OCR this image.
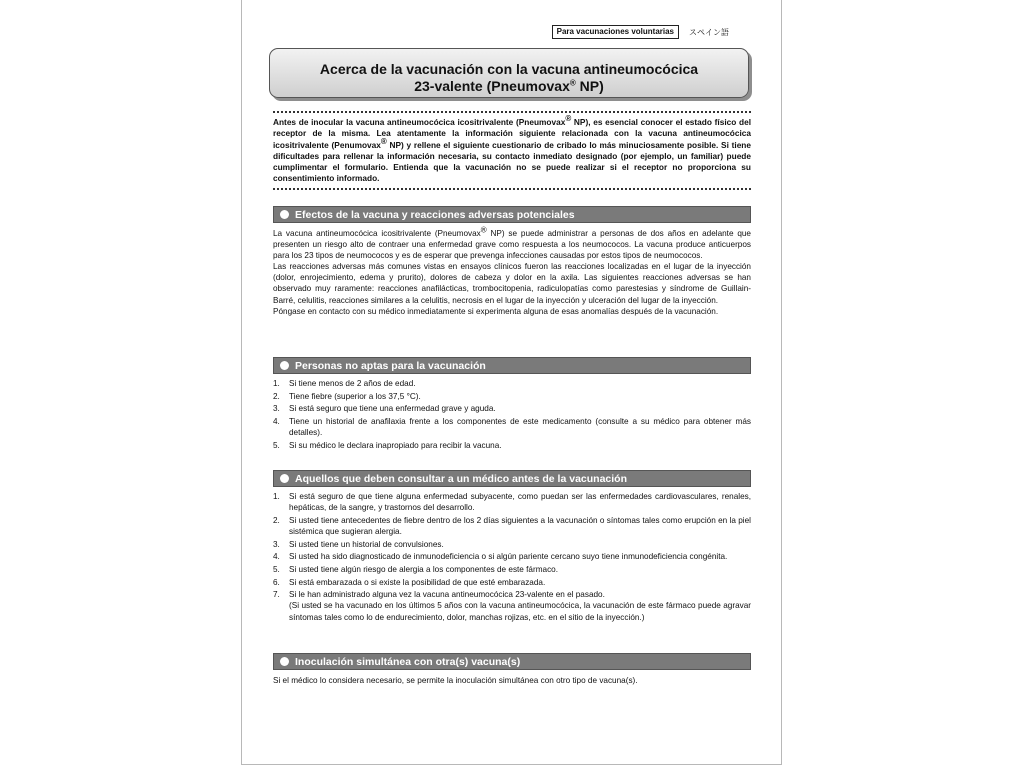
Para vacunaciones voluntarias	スペイン語
Acerca de la vacunación con la vacuna antineumocócica
23-valente (Pneumovax® NP)
Antes de inocular la vacuna antineumocócica icositrivalente (Pneumovax® NP), es esencial conocer el estado físico del receptor de la misma. Lea atentamente la información siguiente relacionada con la vacuna antineumocócica icositrivalente (Penumovax® NP) y rellene el siguiente cuestionario de cribado lo más minuciosamente posible. Si tiene dificultades para rellenar la información necesaria, su contacto inmediato designado (por ejemplo, un familiar) puede cumplimentar el formulario. Entienda que la vacunación no se puede realizar si el receptor no proporciona su consentimiento informado.
Efectos de la vacuna y reacciones adversas potenciales

La vacuna antineumocócica icositrivalente (Pneumovax® NP) se puede administrar a personas de dos años en adelante que presenten un riesgo alto de contraer una enfermedad grave como respuesta a los neumococos. La vacuna produce anticuerpos para los 23 tipos de neumococos y es de esperar que prevenga infecciones causadas por estos tipos de neumococos.

Las reacciones adversas más comunes vistas en ensayos clínicos fueron las reacciones localizadas en el lugar de la inyección (dolor, enrojecimiento, edema y prurito), dolores de cabeza y dolor en la axila. Las siguientes reacciones adversas se han observado muy raramente: reacciones anafilácticas, trombocitopenia, radiculopatías como parestesias y síndrome de Guillain-Barré, celulitis, reacciones similares a la celulitis, necrosis en el lugar de la inyección y ulceración del lugar de la inyección.

Póngase en contacto con su médico inmediatamente si experimenta alguna de esas anomalías después de la vacunación.

Personas no aptas para la vacunación
1. Si tiene menos de 2 años de edad.
2. Tiene fiebre (superior a los 37,5 °C).
3. Si está seguro que tiene una enfermedad grave y aguda.
4. Tiene un historial de anafilaxia frente a los componentes de este medicamento (consulte a su médico para obtener más detalles).
5. Si su médico le declara inapropiado para recibir la vacuna.
Aquellos que deben consultar a un médico antes de la vacunación
1. Si está seguro de que tiene alguna enfermedad subyacente, como puedan ser las enfermedades cardiovasculares, renales, hepáticas, de la sangre, y trastornos del desarrollo.
2. Si usted tiene antecedentes de fiebre dentro de los 2 días siguientes a la vacunación o síntomas tales como erupción en la piel sistémica que sugieran alergia.
3. Si usted tiene un historial de convulsiones.
4. Si usted ha sido diagnosticado de inmunodeficiencia o si algún pariente cercano suyo tiene inmunodeficiencia congénita.
5. Si usted tiene algún riesgo de alergia a los componentes de este fármaco.
6. Si está embarazada o si existe la posibilidad de que esté embarazada.
7. Si le han administrado alguna vez la vacuna antineumocócica 23-valente en el pasado.
(Si usted se ha vacunado en los últimos 5 años con la vacuna antineumocócica, la vacunación de este fármaco puede agravar síntomas tales como lo de endurecimiento, dolor, manchas rojizas, etc. en el sitio de la inyección.)
Inoculación simultánea con otra(s) vacuna(s)

Si el médico lo considera necesario, se permite la inoculación simultánea con otro tipo de vacuna(s).
